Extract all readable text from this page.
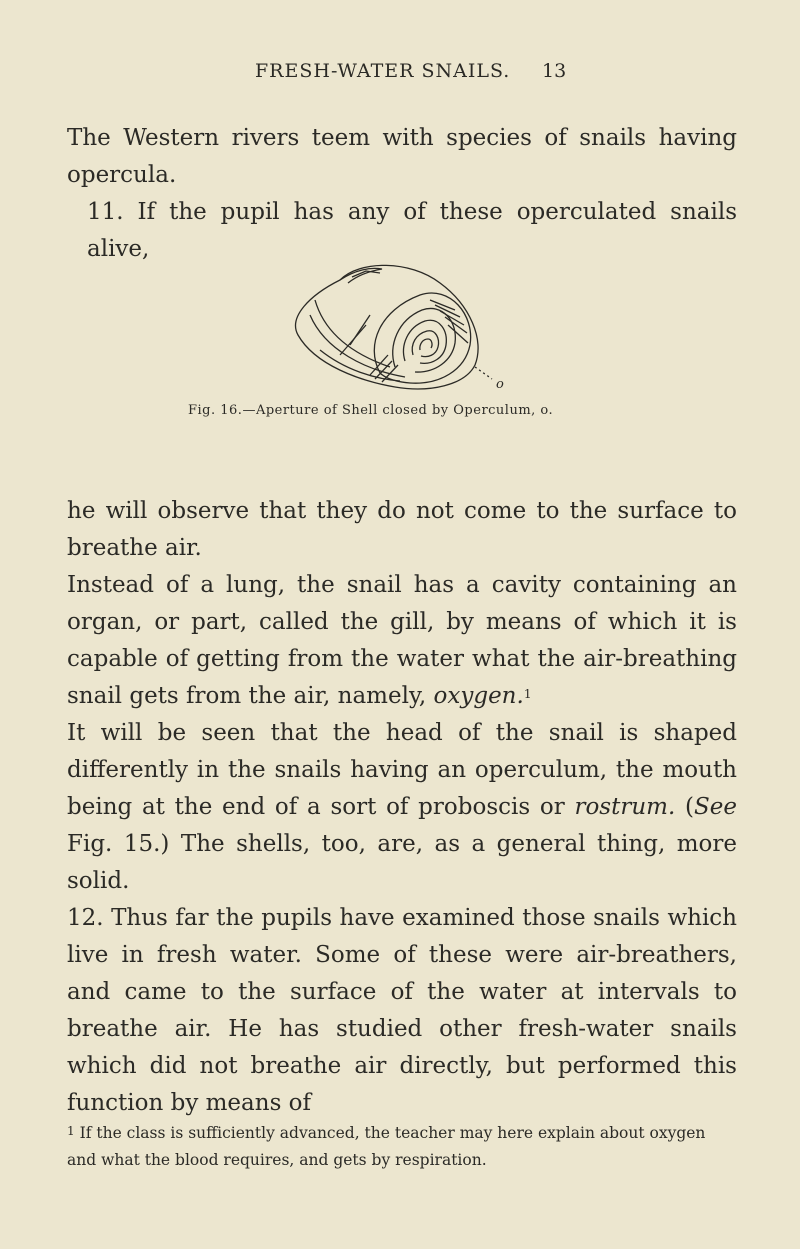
FRESH-WATER SNAILS. 13

The Western rivers teem with species of snails having operculа.

11. If the pupil has any of these operculated snails alive,

o
Fig. 16.—Aperture of Shell closed by Operculum, o.

he will observe that they do not come to the surface to breathe air.

Instead of a lung, the snail has a cavity containing an organ, or part, called the gill, by means of which it is capable of getting from the water what the air-breathing snail gets from the air, namely, oxygen.$^1$

It will be seen that the head of the snail is shaped differently in the snails having an operculum, the mouth being at the end of a sort of proboscis or rostrum. (See Fig. 15.) The shells, too, are, as a general thing, more solid.

12. Thus far the pupils have examined those snails which live in fresh water. Some of these were air-breathers, and came to the surface of the water at intervals to breathe air. He has studied other fresh-water snails which did not breathe air directly, but performed this function by means of

$^1$ If the class is sufficiently advanced, the teacher may here explain about oxygen and what the blood requires, and gets by respiration.
